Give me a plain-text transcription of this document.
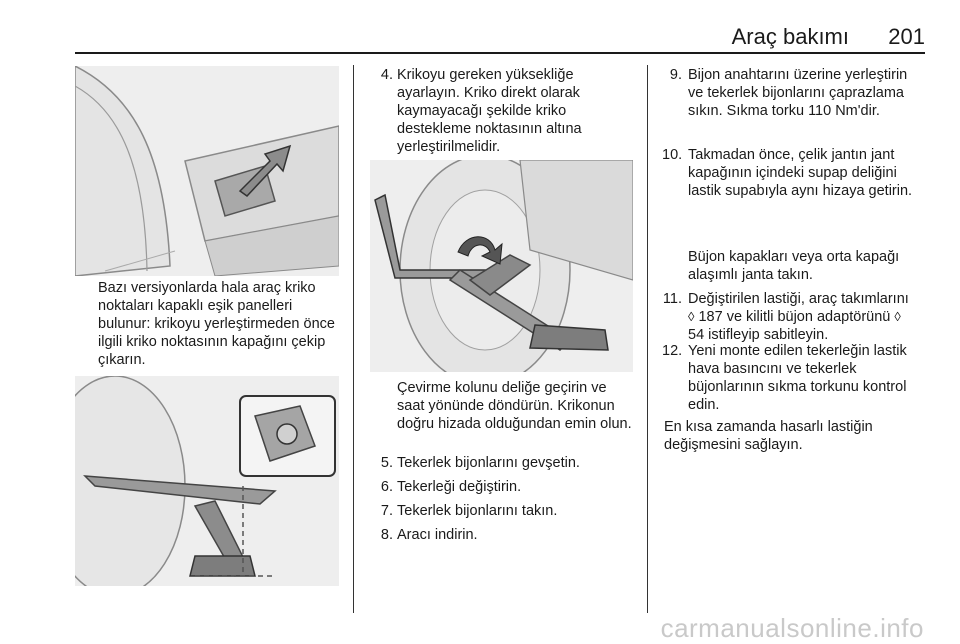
Araç bakımı 201

Bazı versiyonlarda hala araç kriko noktaları kapaklı eşik panelleri bulunur: krikoyu yerleştirmeden önce ilgili kriko noktasının kapağını çekip çıkarın.

4. Krikoyu gereken yüksekliğe ayarlayın. Kriko direkt olarak kaymayacağı şekilde kriko destekleme noktasının altına yerleştirilmelidir.

Çevirme kolunu deliğe geçirin ve saat yönünde döndürün. Krikonun doğru hizada olduğundan emin olun.

5. Tekerlek bijonlarını gevşetin.
6. Tekerleği değiştirin.
7. Tekerlek bijonlarını takın.
8. Aracı indirin.
9. Bijon anahtarını üzerine yerleştirin ve tekerlek bijonlarını çaprazlama sıkın. Sıkma torku 110 Nm'dir.
10. Takmadan önce, çelik jantın jant kapağının içindeki supap deliğini lastik supabıyla aynı hizaya getirin.

Büjon kapakları veya orta kapağı alaşımlı janta takın.

11. Değiştirilen lastiği, araç takımlarını ◊ 187 ve kilitli büjon adaptörünü ◊ 54 istifleyip sabitleyin.
12. Yeni monte edilen tekerleğin lastik hava basıncını ve tekerlek büjonlarının sıkma torkunu kontrol edin.

En kısa zamanda hasarlı lastiğin değişmesini sağlayın.

carmanualsonline.info
